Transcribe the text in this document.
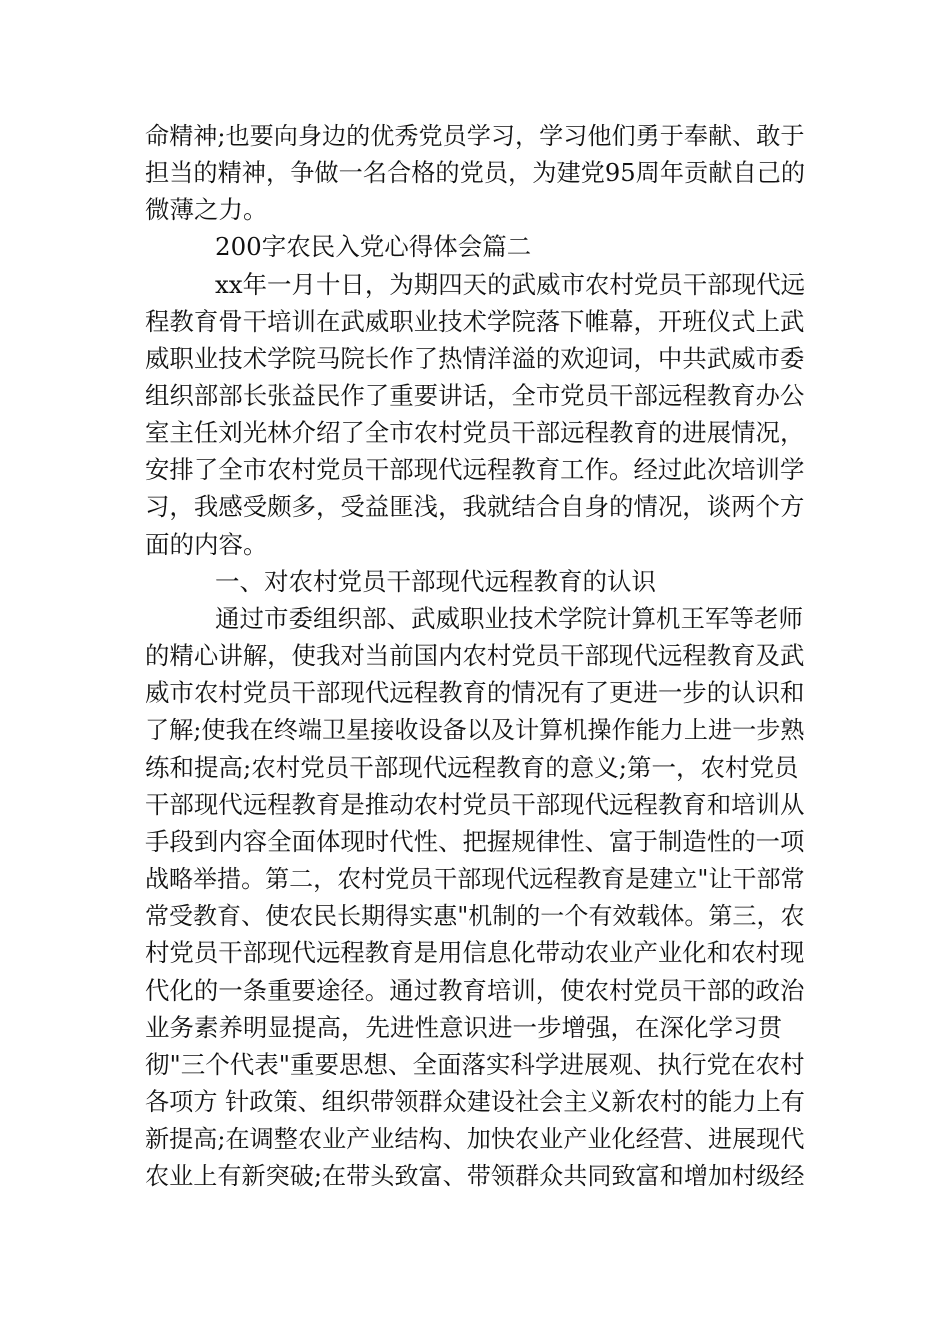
命精神;也要向身边的优秀党员学习，学习他们勇于奉献、敢于
担当的精神，争做一名合格的党员，为建党95周年贡献自己的
微薄之力。
200字农民入党心得体会篇二
xx年一月十日，为期四天的武威市农村党员干部现代远
程教育骨干培训在武威职业技术学院落下帷幕，开班仪式上武
威职业技术学院马院长作了热情洋溢的欢迎词，中共武威市委
组织部部长张益民作了重要讲话，全市党员干部远程教育办公
室主任刘光林介绍了全市农村党员干部远程教育的进展情况，
安排了全市农村党员干部现代远程教育工作。经过此次培训学
习，我感受颇多，受益匪浅，我就结合自身的情况，谈两个方
面的内容。
一、对农村党员干部现代远程教育的认识
通过市委组织部、武威职业技术学院计算机王军等老师
的精心讲解，使我对当前国内农村党员干部现代远程教育及武
威市农村党员干部现代远程教育的情况有了更进一步的认识和
了解;使我在终端卫星接收设备以及计算机操作能力上进一步熟
练和提高;农村党员干部现代远程教育的意义;第一，农村党员
干部现代远程教育是推动农村党员干部现代远程教育和培训从
手段到内容全面体现时代性、把握规律性、富于制造性的一项
战略举措。第二，农村党员干部现代远程教育是建立"让干部常
常受教育、使农民长期得实惠"机制的一个有效载体。第三，农
村党员干部现代远程教育是用信息化带动农业产业化和农村现
代化的一条重要途径。通过教育培训，使农村党员干部的政治
业务素养明显提高，先进性意识进一步增强，在深化学习贯
彻"三个代表"重要思想、全面落实科学进展观、执行党在农村
各项方 针政策、组织带领群众建设社会主义新农村的能力上有
新提高;在调整农业产业结构、加快农业产业化经营、进展现代
农业上有新突破;在带头致富、带领群众共同致富和增加村级经
